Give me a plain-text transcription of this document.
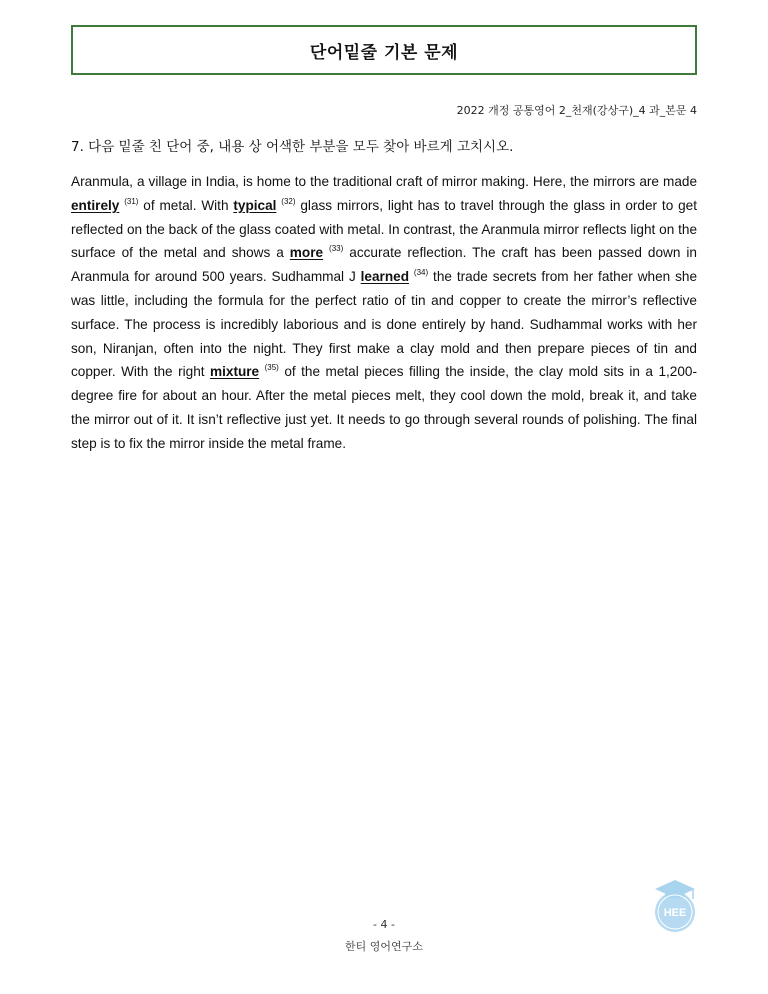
단어밑줄 기본 문제
2022 개정 공통영어 2_천재(강상구)_4 과_본문 4
7. 다음 밑줄 친 단어 중, 내용 상 어색한 부분을 모두 찾아 바르게 고치시오.
Aranmula, a village in India, is home to the traditional craft of mirror making. Here, the mirrors are made entirely $^{(31)}$ of metal. With typical $^{(32)}$ glass mirrors, light has to travel through the glass in order to get reflected on the back of the glass coated with metal. In contrast, the Aranmula mirror reflects light on the surface of the metal and shows a more $^{(33)}$ accurate reflection. The craft has been passed down in Aranmula for around 500 years. Sudhammal J learned $^{(34)}$ the trade secrets from her father when she was little, including the formula for the perfect ratio of tin and copper to create the mirror’s reflective surface. The process is incredibly laborious and is done entirely by hand. Sudhammal works with her son, Niranjan, often into the night. They first make a clay mold and then prepare pieces of tin and copper. With the right mixture $^{(35)}$ of the metal pieces filling the inside, the clay mold sits in a 1,200-degree fire for about an hour. After the metal pieces melt, they cool down the mold, break it, and take the mirror out of it. It isn’t reflective just yet. It needs to go through several rounds of polishing. The final step is to fix the mirror inside the metal frame.
HEE
- 4 -
한티 영어연구소
